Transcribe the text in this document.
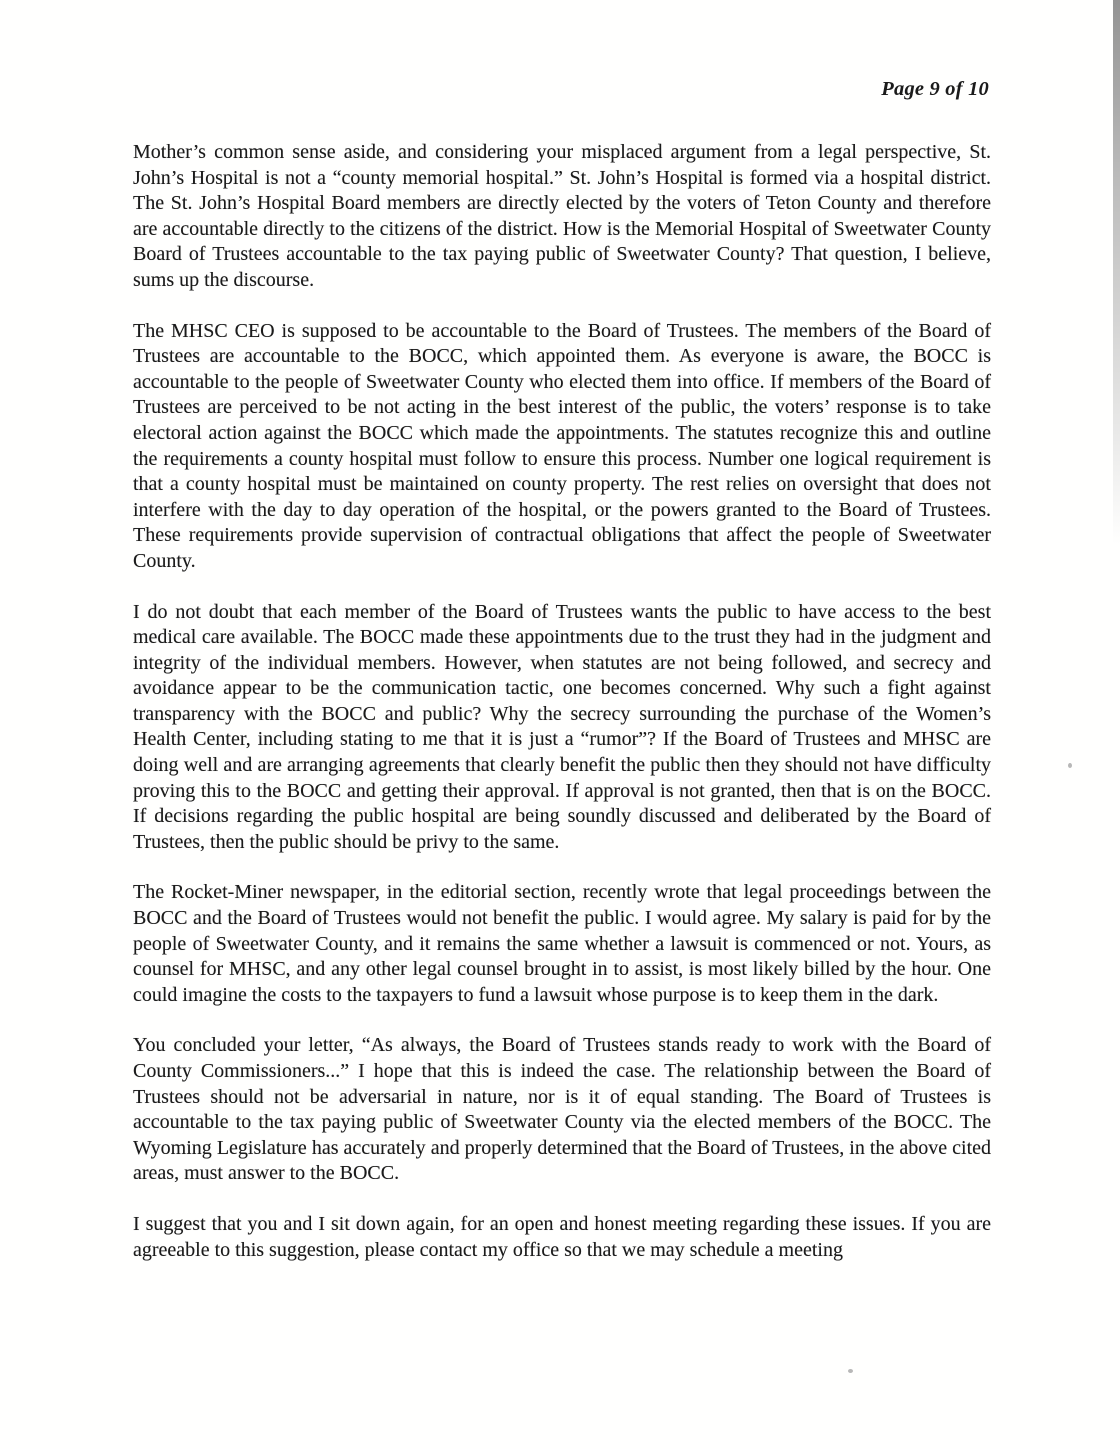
Page 9 of 10

Mother’s common sense aside, and considering your misplaced argument from a legal perspective, St. John’s Hospital is not a “county memorial hospital.” St. John’s Hospital is formed via a hospital district. The St. John’s Hospital Board members are directly elected by the voters of Teton County and therefore are accountable directly to the citizens of the district. How is the Memorial Hospital of Sweetwater County Board of Trustees accountable to the tax paying public of Sweetwater County? That question, I believe, sums up the discourse.

The MHSC CEO is supposed to be accountable to the Board of Trustees. The members of the Board of Trustees are accountable to the BOCC, which appointed them. As everyone is aware, the BOCC is accountable to the people of Sweetwater County who elected them into office. If members of the Board of Trustees are perceived to be not acting in the best interest of the public, the voters’ response is to take electoral action against the BOCC which made the appointments. The statutes recognize this and outline the requirements a county hospital must follow to ensure this process. Number one logical requirement is that a county hospital must be maintained on county property. The rest relies on oversight that does not interfere with the day to day operation of the hospital, or the powers granted to the Board of Trustees. These requirements provide supervision of contractual obligations that affect the people of Sweetwater County.

I do not doubt that each member of the Board of Trustees wants the public to have access to the best medical care available. The BOCC made these appointments due to the trust they had in the judgment and integrity of the individual members. However, when statutes are not being followed, and secrecy and avoidance appear to be the communication tactic, one becomes concerned. Why such a fight against transparency with the BOCC and public? Why the secrecy surrounding the purchase of the Women’s Health Center, including stating to me that it is just a “rumor”? If the Board of Trustees and MHSC are doing well and are arranging agreements that clearly benefit the public then they should not have difficulty proving this to the BOCC and getting their approval. If approval is not granted, then that is on the BOCC. If decisions regarding the public hospital are being soundly discussed and deliberated by the Board of Trustees, then the public should be privy to the same.

The Rocket-Miner newspaper, in the editorial section, recently wrote that legal proceedings between the BOCC and the Board of Trustees would not benefit the public. I would agree. My salary is paid for by the people of Sweetwater County, and it remains the same whether a lawsuit is commenced or not. Yours, as counsel for MHSC, and any other legal counsel brought in to assist, is most likely billed by the hour. One could imagine the costs to the taxpayers to fund a lawsuit whose purpose is to keep them in the dark.

You concluded your letter, “As always, the Board of Trustees stands ready to work with the Board of County Commissioners...” I hope that this is indeed the case. The relationship between the Board of Trustees should not be adversarial in nature, nor is it of equal standing. The Board of Trustees is accountable to the tax paying public of Sweetwater County via the elected members of the BOCC. The Wyoming Legislature has accurately and properly determined that the Board of Trustees, in the above cited areas, must answer to the BOCC.

I suggest that you and I sit down again, for an open and honest meeting regarding these issues. If you are agreeable to this suggestion, please contact my office so that we may schedule a meeting
